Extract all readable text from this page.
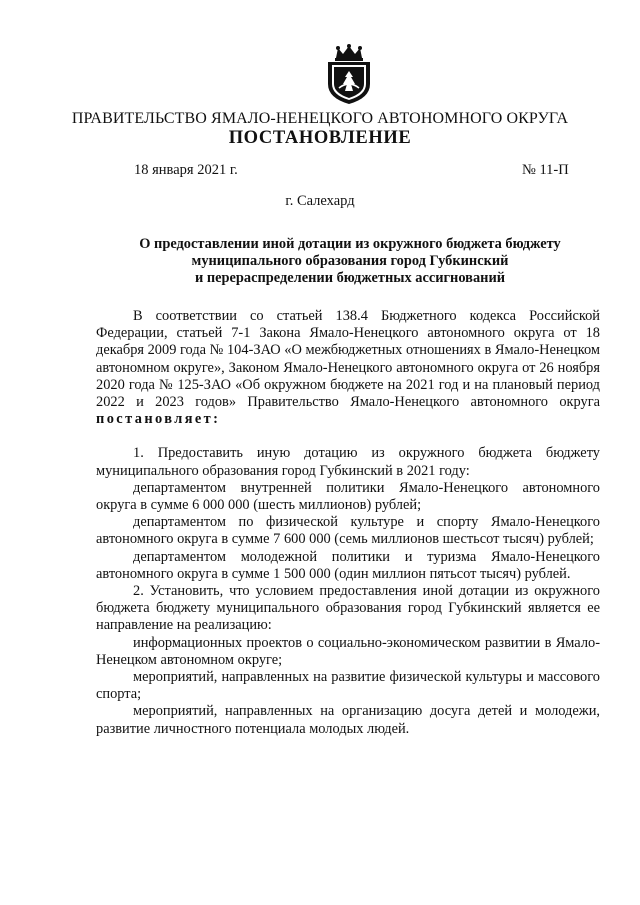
ПРАВИТЕЛЬСТВО ЯМАЛО-НЕНЕЦКОГО АВТОНОМНОГО ОКРУГА
ПОСТАНОВЛЕНИЕ
18 января 2021 г.	№ 11-П
г. Салехард
О предоставлении иной дотации из окружного бюджета бюджету
муниципального образования город Губкинский
и перераспределении бюджетных ассигнований

В соответствии со статьей 138.4 Бюджетного кодекса Российской Федерации, статьей 7-1 Закона Ямало-Ненецкого автономного округа от 18 декабря 2009 года № 104-ЗАО «О межбюджетных отношениях в Ямало-Ненецком автономном округе», Законом Ямало-Ненецкого автономного округа от 26 ноября 2020 года № 125-ЗАО «Об окружном бюджете на 2021 год и на плановый период 2022 и 2023 годов» Правительство Ямало-Ненецкого автономного округа постановляет:

1. Предоставить иную дотацию из окружного бюджета бюджету муниципального образования город Губкинский в 2021 году:

департаментом внутренней политики Ямало-Ненецкого автономного округа в сумме 6 000 000 (шесть миллионов) рублей;

департаментом по физической культуре и спорту Ямало-Ненецкого автономного округа в сумме 7 600 000 (семь миллионов шестьсот тысяч) рублей;

департаментом молодежной политики и туризма Ямало-Ненецкого автономного округа в сумме 1 500 000 (один миллион пятьсот тысяч) рублей.

2. Установить, что условием предоставления иной дотации из окружного бюджета бюджету муниципального образования город Губкинский является ее направление на реализацию:

информационных проектов о социально-экономическом развитии в Ямало-Ненецком автономном округе;

мероприятий, направленных на развитие физической культуры и массового спорта;

мероприятий, направленных на организацию досуга детей и молодежи, развитие личностного потенциала молодых людей.
